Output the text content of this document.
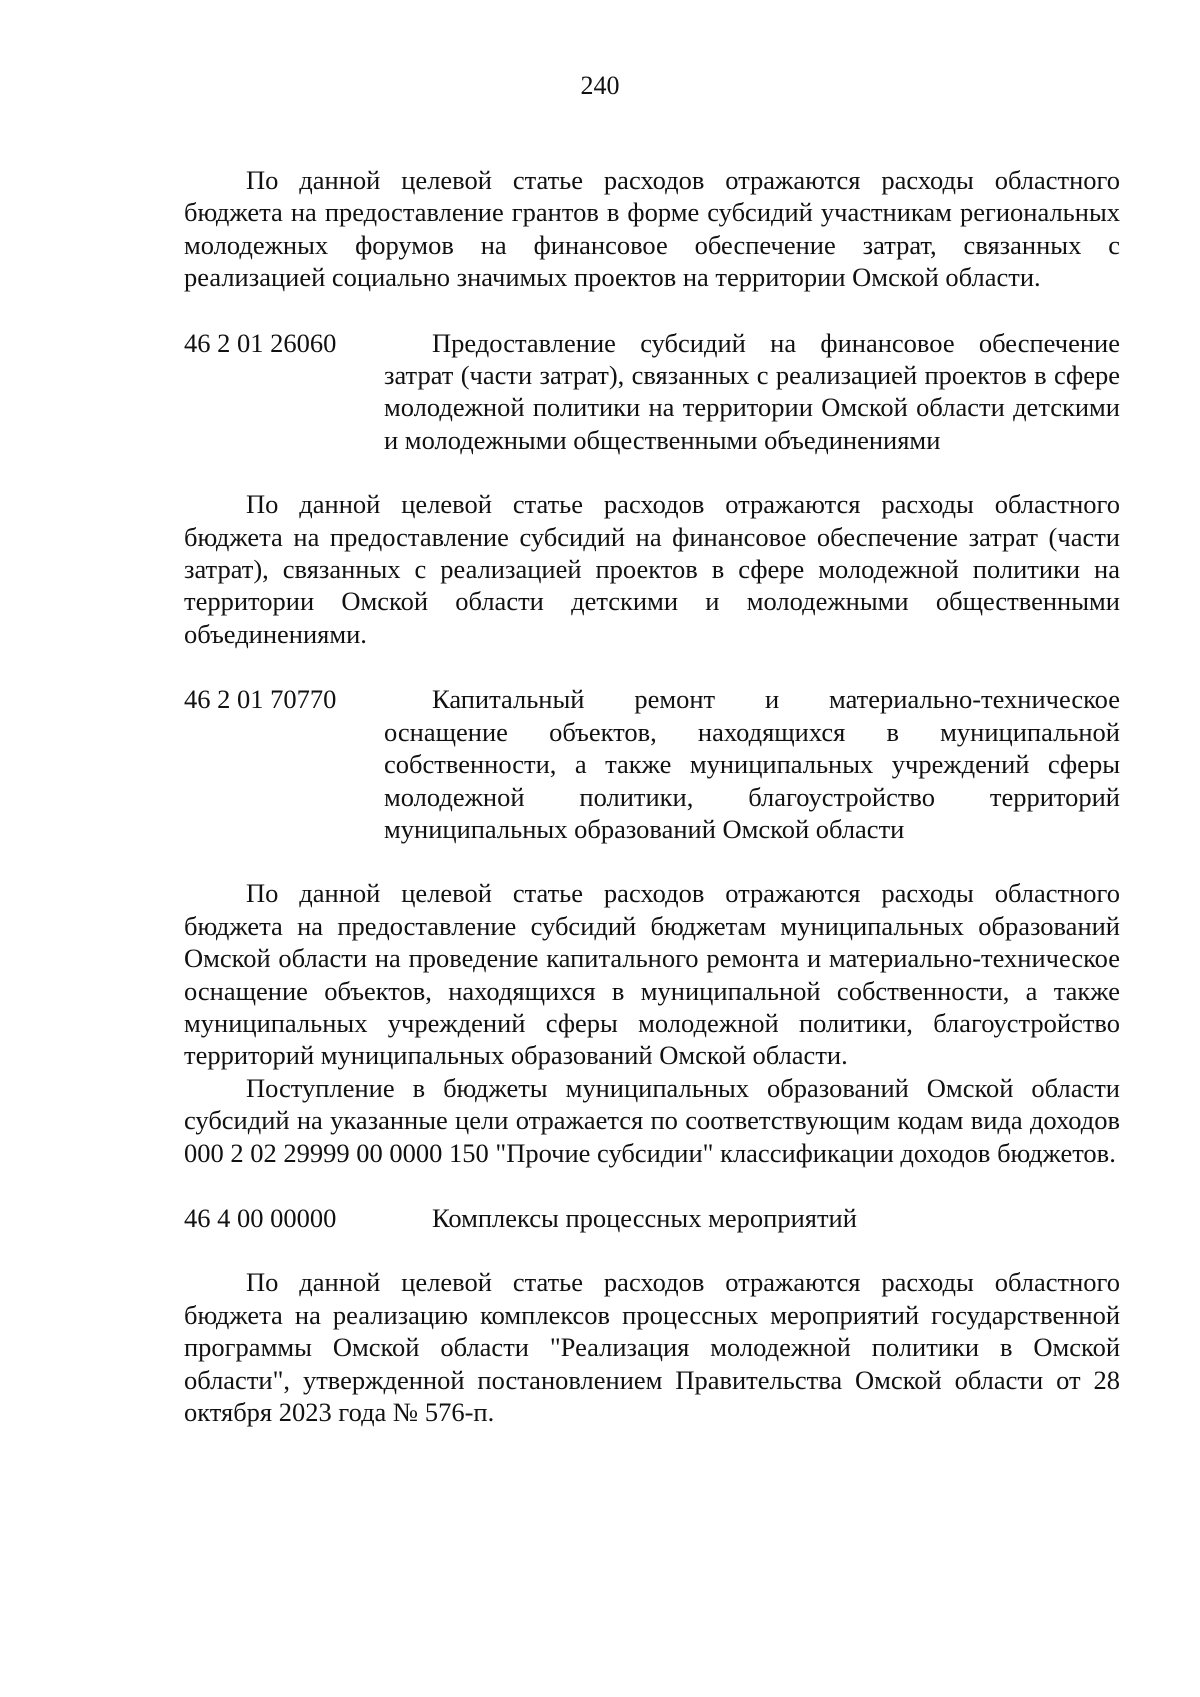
240

По данной целевой статье расходов отражаются расходы областного бюджета на предоставление грантов в форме субсидий участникам региональных молодежных форумов на финансовое обеспечение затрат, связанных с реализацией социально значимых проектов на территории Омской области.

46 2 01 26060	Предоставление субсидий на финансовое обеспечение затрат (части затрат), связанных с реализацией проектов в сфере молодежной политики на территории Омской области детскими и молодежными общественными объединениями

По данной целевой статье расходов отражаются расходы областного бюджета на предоставление субсидий на финансовое обеспечение затрат (части затрат), связанных с реализацией проектов в сфере молодежной политики на территории Омской области детскими и молодежными общественными объединениями.

46 2 01 70770	Капитальный ремонт и материально-техническое оснащение объектов, находящихся в муниципальной собственности, а также муниципальных учреждений сферы молодежной политики, благоустройство территорий муниципальных образований Омской области

По данной целевой статье расходов отражаются расходы областного бюджета на предоставление субсидий бюджетам муниципальных образований Омской области на проведение капитального ремонта и материально-техническое оснащение объектов, находящихся в муниципальной собственности, а также муниципальных учреждений сферы молодежной политики, благоустройство территорий муниципальных образований Омской области.

Поступление в бюджеты муниципальных образований Омской области субсидий на указанные цели отражается по соответствующим кодам вида доходов 000 2 02 29999 00 0000 150 "Прочие субсидии" классификации доходов бюджетов.

46 4 00 00000	Комплексы процессных мероприятий

По данной целевой статье расходов отражаются расходы областного бюджета на реализацию комплексов процессных мероприятий государственной программы Омской области "Реализация молодежной политики в Омской области", утвержденной постановлением Правительства Омской области от 28 октября 2023 года № 576-п.
